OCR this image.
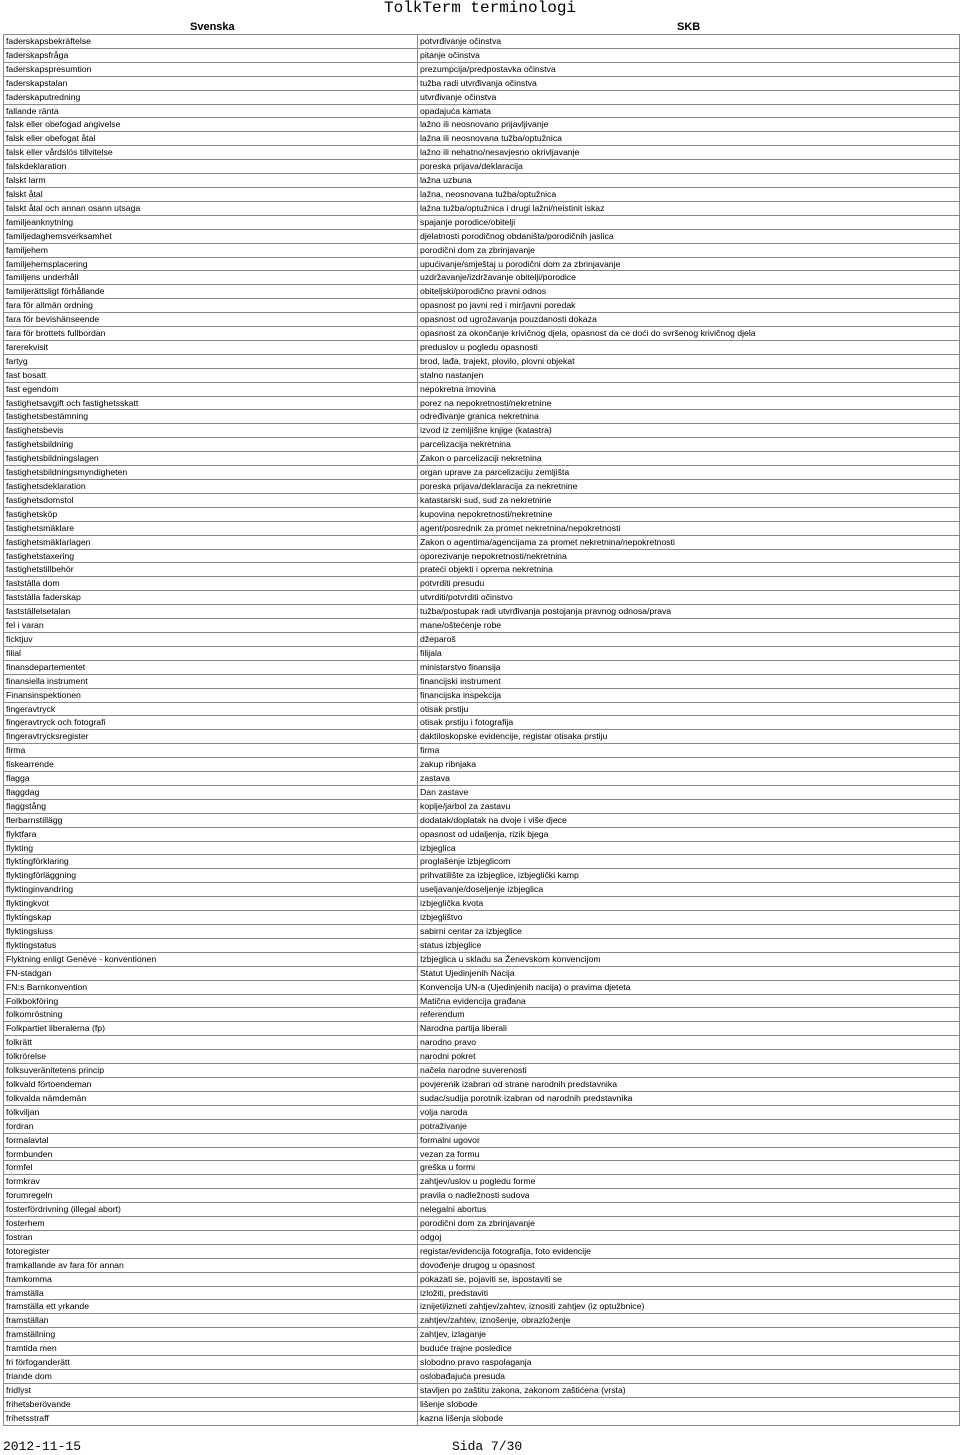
TolkTerm terminologi
Svenska	SKB
faderskapsbekräftelse	potvrđivanje očinstva
faderskapsfråga	pitanje očinstva
faderskapspresumtion	prezumpcija/predpostavka očinstva
faderskapstalan	tužba radi utvrđivanja očinstva
faderskaputredning	utvrđivanje očinstva
fallande ränta	opadajuća kamata
falsk eller obefogad angivelse	lažno ili neosnovano prijavljivanje
falsk eller obefogat åtal	lažna ili neosnovana tužba/optužnica
falsk eller vårdslös tillvitelse	lažno ili nehatno/nesavjesno okrivljavanje
falskdeklaration	poreska prijava/deklaracija
falskt larm	lažna uzbuna
falskt åtal	lažna, neosnovana tužba/optužnica
falskt åtal och annan osann utsaga	lažna tužba/optužnica i drugi lažni/neistinit iskaz
familjeanknytning	spajanje porodice/obitelji
familjedaghemsverksamhet	djelatnosti porodičnog obdaništa/porodičnih jaslica
familjehem	porodični dom za zbrinjavanje
familjehemsplacering	upućivanje/smještaj u porodični dom za zbrinjavanje
familjens underhåll	uzdržavanje/izdržavanje obitelji/porodice
familjerättsligt förhållande	obiteljski/porodično pravni odnos
fara för allmän ordning	opasnost po javni red i mir/javni poredak
fara för bevishänseende	opasnost od ugrožavanja pouzdanosti dokaza
fara för brottets fullbordan	opasnost za okončanje krivičnog djela, opasnost da ce doći do svršenog krivičnog djela
farerekvisit	preduslov u pogledu opasnosti
fartyg	brod, lađa, trajekt, plovilo, plovni objekat
fast bosatt	stalno nastanjen
fast egendom	nepokretna imovina
fastighetsavgift och fastighetsskatt	porez na nepokretnosti/nekretnine
fastighetsbestämning	određivanje granica nekretnina
fastighetsbevis	izvod iz zemljišne knjige (katastra)
fastighetsbildning	parcelizacija nekretnina
fastighetsbildningslagen	Zakon o parcelizaciji nekretnina
fastighetsbildningsmyndigheten	organ uprave za parcelizaciju zemljišta
fastighetsdeklaration	poreska prijava/deklaracija za nekretnine
fastighetsdomstol	katastarski sud, sud za nekretnine
fastighetsköp	kupovina nepokretnosti/nekretnine
fastighetsmäklare	agent/posrednik za promet nekretnina/nepokretnosti
fastighetsmäklarlagen	Zakon o agentima/agencijama za promet nekretnina/nepokretnosti
fastighetstaxering	oporezivanje nepokretnosti/nekretnina
fastighetstillbehör	prateći objekti i oprema nekretnina
fastställa dom	potvrditi presudu
fastställa faderskap	utvrditi/potvrditi očinstvo
fastställelsetalan	tužba/postupak radi utvrđivanja postojanja pravnog odnosa/prava
fel i varan	mane/oštećenje robe
ficktjuv	džeparoš
filial	filijala
finansdepartementet	ministarstvo finansija
finansiella instrument	financijski instrument
Finansinspektionen	financijska inspekcija
fingeravtryck	otisak prstiju
fingeravtryck och fotografi	otisak prstiju i fotografija
fingeravtrycksregister	daktiloskopske evidencije, registar otisaka prstiju
firma	firma
fiskearrende	zakup ribnjaka
flagga	zastava
flaggdag	Dan zastave
flaggstång	koplje/jarbol za zastavu
flerbarnstillägg	dodatak/doplatak na dvoje i više djece
flyktfara	opasnost od udaljenja, rizik bjega
flykting	izbjeglica
flyktingförklaring	proglašenje izbjeglicom
flyktingförläggning	prihvatilište za izbjeglice, izbjeglički kamp
flyktinginvandring	useljavanje/doseljenje izbjeglica
flyktingkvot	izbjeglička kvota
flyktingskap	izbjeglištvo
flyktingsluss	sabirni centar za izbjeglice
flyktingstatus	status izbjeglice
Flyktning enligt Genève - konventionen	Izbjeglica u skladu sa Ženevskom konvencijom
FN-stadgan	Statut Ujedinjenih Nacija
FN:s Barnkonvention	Konvencija UN-a (Ujedinjenih nacija) o pravima djeteta
Folkbokföring	Matična evidencija građana
folkomröstning	referendum
Folkpartiet liberalerna (fp)	Narodna partija liberali
folkrätt	narodno pravo
folkrörelse	narodni pokret
folksuveränitetens princip	načela narodne suverenosti
folkvald förtoendeman	povjerenik izabran od strane narodnih predstavnika
folkvalda nämdemän	sudac/sudija porotnik izabran od narodnih predstavnika
folkviljan	volja naroda
fordran	potraživanje
formalavtal	formalni ugovor
formbunden	vezan za formu
formfel	greška u formi
formkrav	zahtjev/uslov u pogledu forme
forumregeln	pravila o nadležnosti sudova
fosterfördrivning (illegal abort)	nelegalni abortus
fosterhem	porodični dom za zbrinjavanje
fostran	odgoj
fotoregister	registar/evidencija fotografija, foto evidencije
framkallande av fara för annan	dovođenje drugog u opasnost
framkomma	pokazati se, pojaviti se, ispostaviti se
framställa	izložiti, predstaviti
framställa ett yrkande	iznijeti/izneti zahtjev/zahtev, iznositi zahtjev (iz optužbnice)
framställan	zahtjev/zahtev, iznošenje, obrazloženje
framställning	zahtjev, izlaganje
framtida men	buduće trajne posledice
fri förfoganderätt	slobodno pravo raspolaganja
friande dom	oslobađajuća presuda
fridlyst	stavljen po zaštitu zakona, zakonom zaštićena (vrsta)
frihetsberövande	lišenje slobode
frihetsstraff	kazna lišenja slobode
2012-11-15	Sida 7/30
